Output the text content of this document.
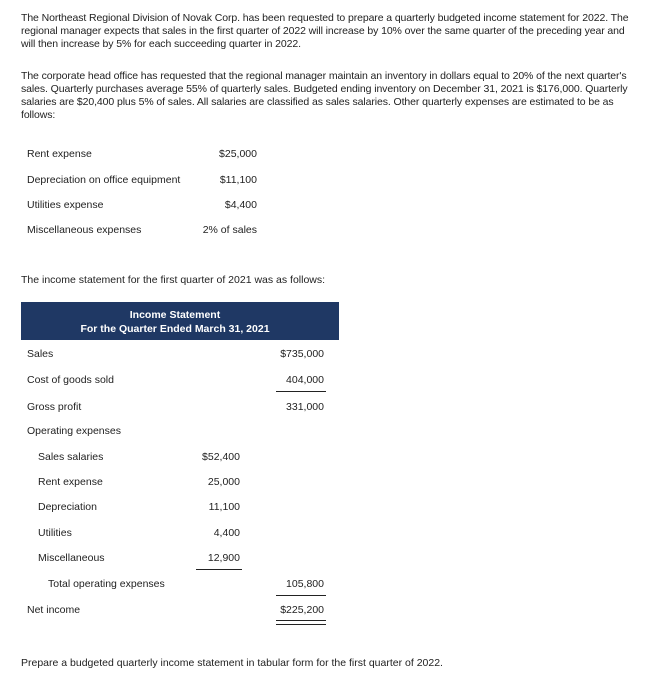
The Northeast Regional Division of Novak Corp. has been requested to prepare a quarterly budgeted income statement for 2022. The regional manager expects that sales in the first quarter of 2022 will increase by 10% over the same quarter of the preceding year and will then increase by 5% for each succeeding quarter in 2022.

The corporate head office has requested that the regional manager maintain an inventory in dollars equal to 20% of the next quarter's sales. Quarterly purchases average 55% of quarterly sales. Budgeted ending inventory on December 31, 2021 is $176,000. Quarterly salaries are $20,400 plus 5% of sales. All salaries are classified as sales salaries. Other quarterly expenses are estimated to be as follows:

Rent expense	$25,000
Depreciation on office equipment	$11,100
Utilities expense	$4,400
Miscellaneous expenses	2% of sales
The income statement for the first quarter of 2021 was as follows:
Income Statement
For the Quarter Ended March 31, 2021
Sales	$735,000
Cost of goods sold	404,000
Gross profit	331,000
Operating expenses
Sales salaries	$52,400
Rent expense	25,000
Depreciation	11,100
Utilities	4,400
Miscellaneous	12,900
Total operating expenses	105,800
Net income	$225,200
Prepare a budgeted quarterly income statement in tabular form for the first quarter of 2022.
